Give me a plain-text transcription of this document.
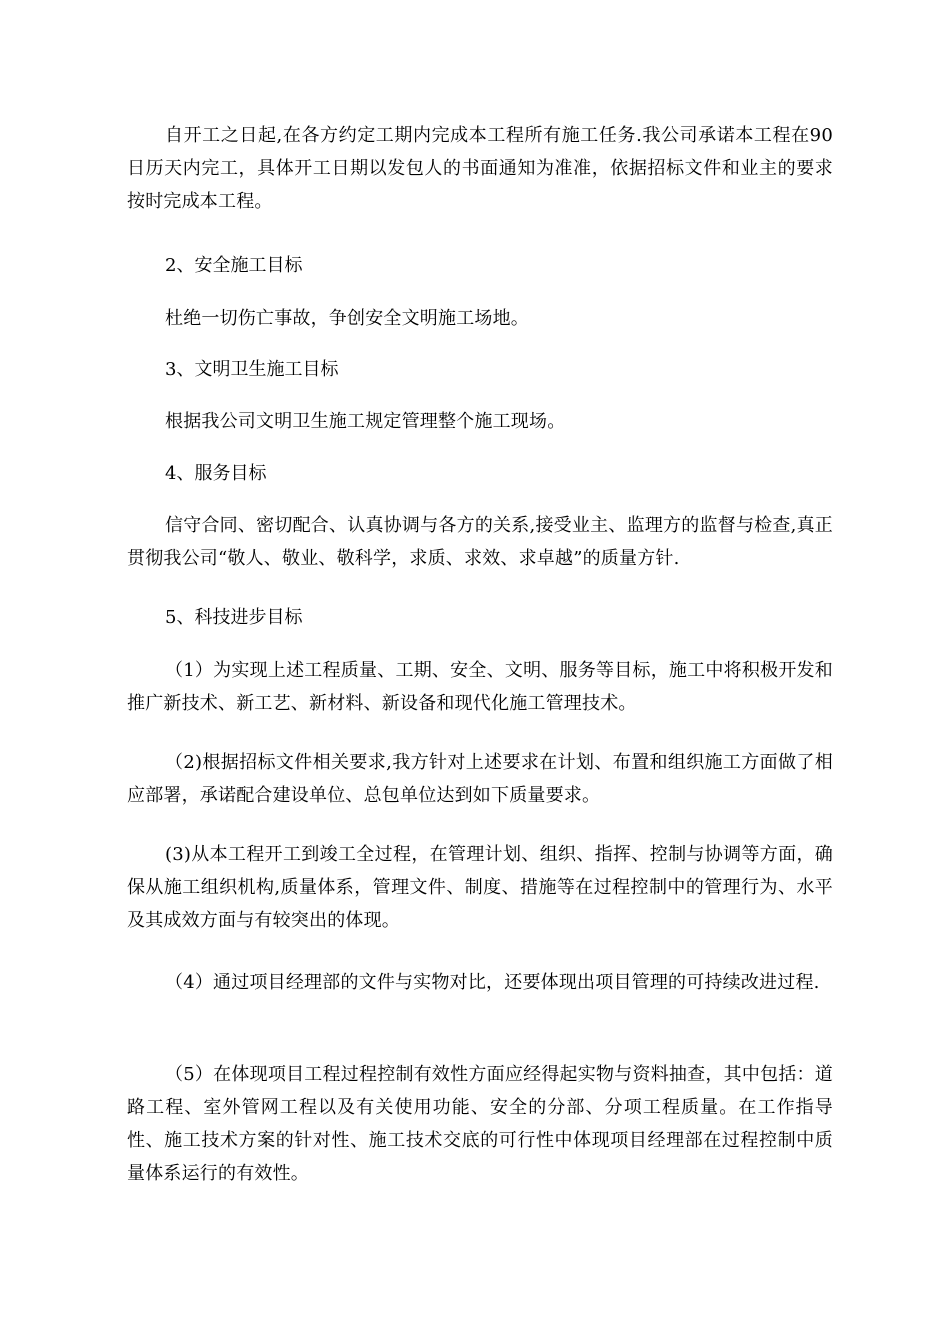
自开工之日起,在各方约定工期内完成本工程所有施工任务.我公司承诺本工程在90日历天内完工，具体开工日期以发包人的书面通知为准准，依据招标文件和业主的要求按时完成本工程。

2、安全施工目标

杜绝一切伤亡事故，争创安全文明施工场地。

3、文明卫生施工目标

根据我公司文明卫生施工规定管理整个施工现场。

4、服务目标

信守合同、密切配合、认真协调与各方的关系,接受业主、监理方的监督与检查,真正贯彻我公司“敬人、敬业、敬科学，求质、求效、求卓越”的质量方针.

5、科技进步目标

（1）为实现上述工程质量、工期、安全、文明、服务等目标，施工中将积极开发和推广新技术、新工艺、新材料、新设备和现代化施工管理技术。

（2)根据招标文件相关要求,我方针对上述要求在计划、布置和组织施工方面做了相应部署，承诺配合建设单位、总包单位达到如下质量要求。

(3)从本工程开工到竣工全过程，在管理计划、组织、指挥、控制与协调等方面，确保从施工组织机构,质量体系，管理文件、制度、措施等在过程控制中的管理行为、水平及其成效方面与有较突出的体现。

（4）通过项目经理部的文件与实物对比，还要体现出项目管理的可持续改进过程.

（5）在体现项目工程过程控制有效性方面应经得起实物与资料抽查，其中包括：道路工程、室外管网工程以及有关使用功能、安全的分部、分项工程质量。在工作指导性、施工技术方案的针对性、施工技术交底的可行性中体现项目经理部在过程控制中质量体系运行的有效性。
